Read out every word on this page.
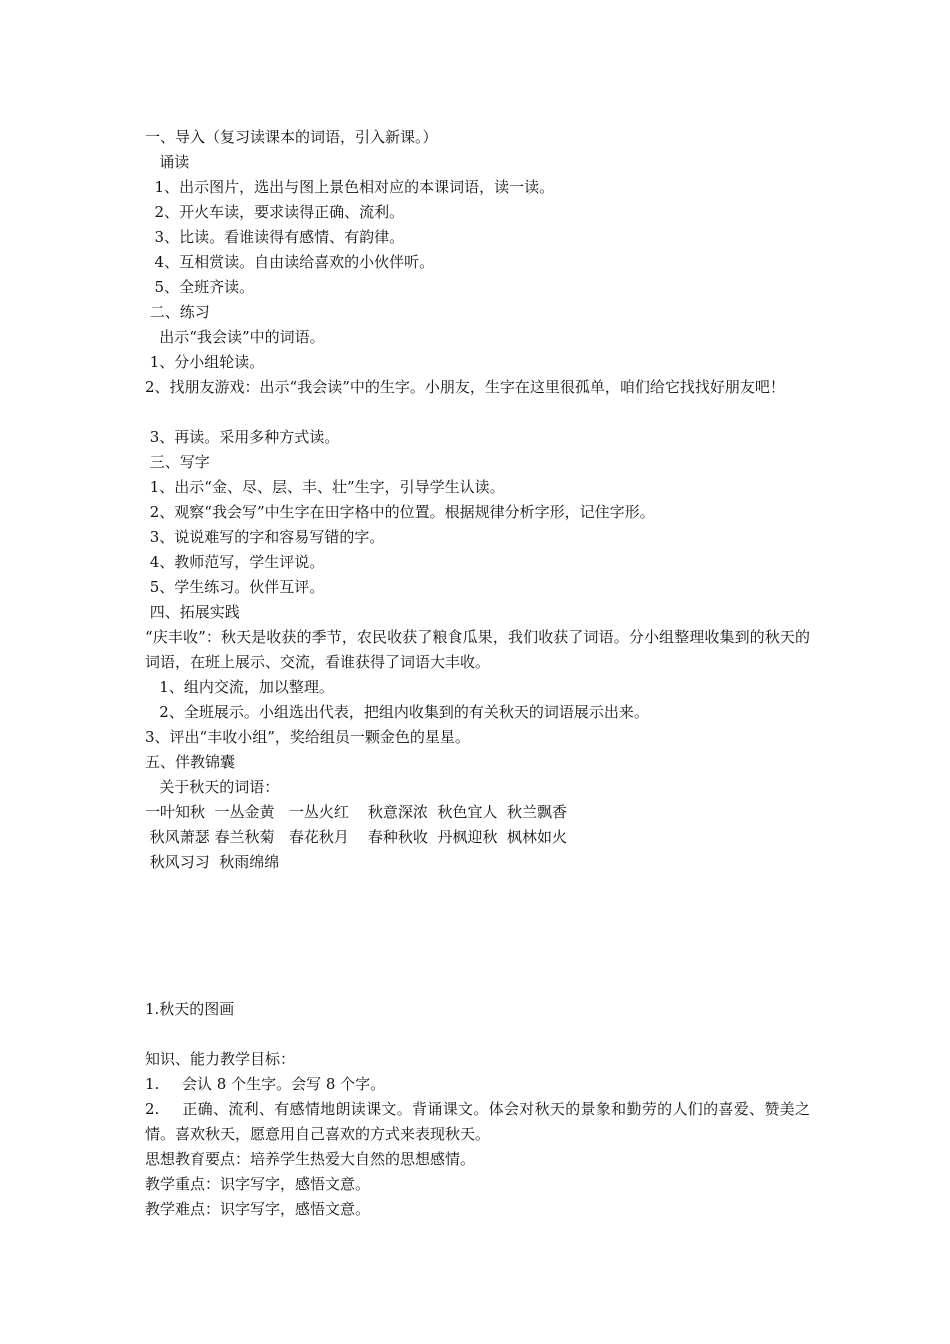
一、导入（复习读课本的词语，引入新课。）
诵读
1、出示图片，选出与图上景色相对应的本课词语，读一读。
2、开火车读，要求读得正确、流利。
3、比读。看谁读得有感情、有韵律。
4、互相赏读。自由读给喜欢的小伙伴听。
5、全班齐读。
二、练习
出示“我会读”中的词语。
1、分小组轮读。
2、找朋友游戏：出示“我会读”中的生字。小朋友，生字在这里很孤单，咱们给它找找好朋友吧！
3、再读。采用多种方式读。
三、写字
1、出示“金、尽、层、丰、壮”生字，引导学生认读。
2、观察“我会写”中生字在田字格中的位置。根据规律分析字形，记住字形。
3、说说难写的字和容易写错的字。
4、教师范写，学生评说。
5、学生练习。伙伴互评。
四、拓展实践
“庆丰收”：秋天是收获的季节，农民收获了粮食瓜果，我们收获了词语。分小组整理收集到的秋天的词语，在班上展示、交流，看谁获得了词语大丰收。
1、组内交流，加以整理。
2、全班展示。小组选出代表，把组内收集到的有关秋天的词语展示出来。
3、评出“丰收小组”，奖给组员一颗金色的星星。
五、伴教锦囊
关于秋天的词语：
一叶知秋  一丛金黄   一丛火红    秋意深浓  秋色宜人  秋兰飘香
秋风萧瑟 春兰秋菊   春花秋月    春种秋收  丹枫迎秋  枫林如火
秋风习习  秋雨绵绵
1.秋天的图画
知识、能力教学目标：
1. 会认 8 个生字。会写 8 个字。
2. 正确、流利、有感情地朗读课文。背诵课文。体会对秋天的景象和勤劳的人们的喜爱、赞美之情。喜欢秋天，愿意用自己喜欢的方式来表现秋天。
思想教育要点：培养学生热爱大自然的思想感情。
教学重点：识字写字，感悟文意。
教学难点：识字写字，感悟文意。
